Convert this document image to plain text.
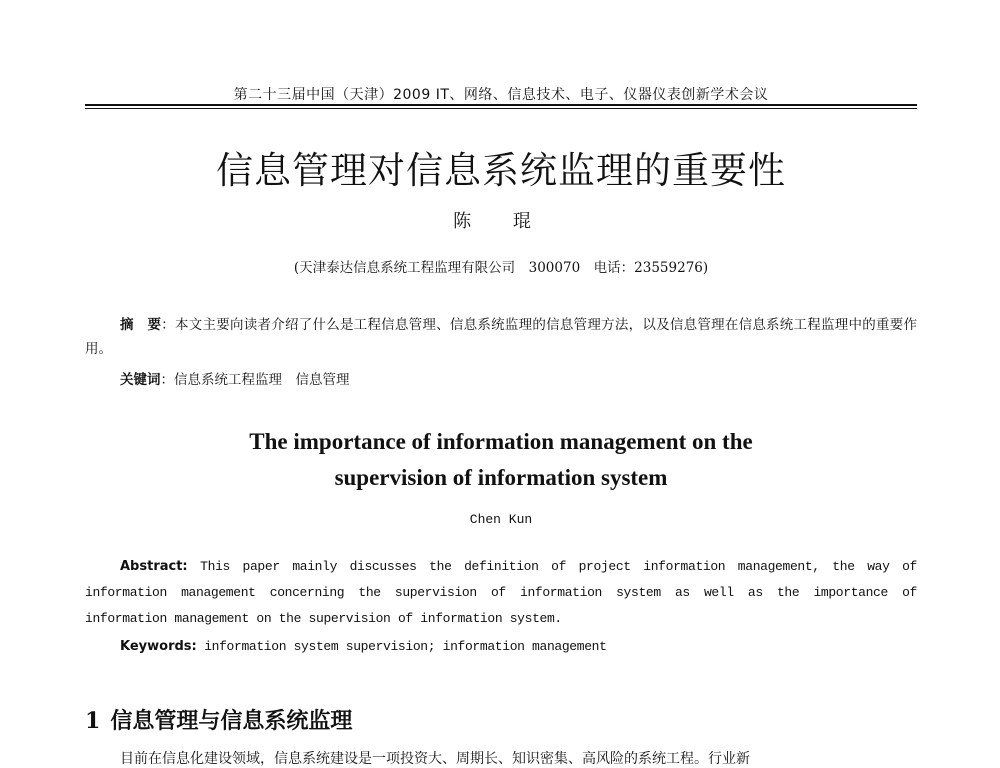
第二十三届中国（天津）2009 IT、网络、信息技术、电子、仪器仪表创新学术会议
信息管理对信息系统监理的重要性
陈 琨
(天津泰达信息系统工程监理有限公司　300070　电话：23559276)
摘　要：本文主要向读者介绍了什么是工程信息管理、信息系统监理的信息管理方法，以及信息管理在信息系统工程监理中的重要作用。
关键词：信息系统工程监理　信息管理
The importance of information management on the
supervision of information system
Chen Kun
Abstract: This paper mainly discusses the definition of project information management, the way of information management concerning the supervision of information system as well as the importance of information management on the supervision of information system.
Keywords: information system supervision; information management
1 信息管理与信息系统监理
目前在信息化建设领域，信息系统建设是一项投资大、周期长、知识密集、高风险的系统工程。行业新
